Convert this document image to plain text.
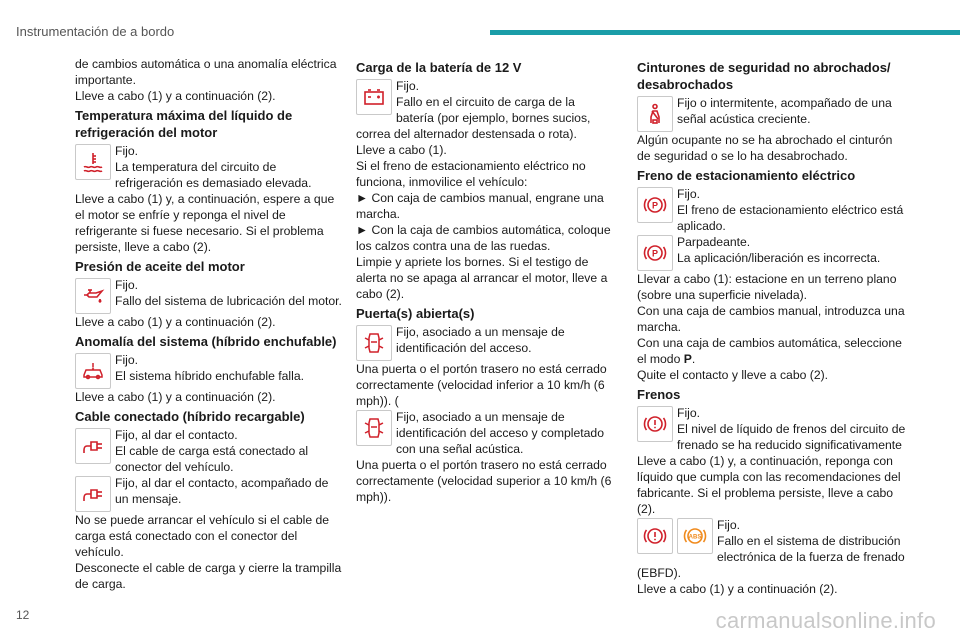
Instrumentación de a bordo

de cambios automática o una anomalía eléctrica importante.

Lleve a cabo (1) y a continuación (2).

Temperatura máxima del líquido de refrigeración del motor

Fijo.

La temperatura del circuito de refrigeración es demasiado elevada.

Lleve a cabo (1) y, a continuación, espere a que el motor se enfríe y reponga el nivel de refrigerante si fuese necesario. Si el problema persiste, lleve a cabo (2).

Presión de aceite del motor

Fijo.

Fallo del sistema de lubricación del motor.

Lleve a cabo (1) y a continuación (2).

Anomalía del sistema (híbrido enchufable)

Fijo.

El sistema híbrido enchufable falla.

Lleve a cabo (1) y a continuación (2).

Cable conectado (híbrido recargable)

Fijo, al dar el contacto.

El cable de carga está conectado al conector del vehículo.

Fijo, al dar el contacto, acompañado de un mensaje.

No se puede arrancar el vehículo si el cable de carga está conectado con el conector del vehículo.

Desconecte el cable de carga y cierre la trampilla de carga.

Carga de la batería de 12 V

Fijo.

Fallo en el circuito de carga de la batería (por ejemplo, bornes sucios, correa del alternador destensada o rota).

Lleve a cabo (1).

Si el freno de estacionamiento eléctrico no funciona, inmovilice el vehículo:

► Con caja de cambios manual, engrane una marcha.

► Con la caja de cambios automática, coloque los calzos contra una de las ruedas.

Limpie y apriete los bornes. Si el testigo de alerta no se apaga al arrancar el motor, lleve a cabo (2).

Puerta(s) abierta(s)

Fijo, asociado a un mensaje de identificación del acceso.

Una puerta o el portón trasero no está cerrado correctamente (velocidad inferior a 10 km/h (6 mph)). (

Fijo, asociado a un mensaje de identificación del acceso y completado con una señal acústica.

Una puerta o el portón trasero no está cerrado correctamente (velocidad superior a 10 km/h (6 mph)).

Cinturones de seguridad no abrochados/ desabrochados

Fijo o intermitente, acompañado de una señal acústica creciente.

Algún ocupante no se ha abrochado el cinturón de seguridad o se lo ha desabrochado.

Freno de estacionamiento eléctrico
P

Fijo.

El freno de estacionamiento eléctrico está aplicado.

P

Parpadeante.

La aplicación/liberación es incorrecta.

Llevar a cabo (1): estacione en un terreno plano (sobre una superficie nivelada).

Con una caja de cambios manual, introduzca una marcha.

Con una caja de cambios automática, seleccione el modo P.

Quite el contacto y lleve a cabo (2).

Frenos

Fijo.

El nivel de líquido de frenos del circuito de frenado se ha reducido significativamente

Lleve a cabo (1) y, a continuación, reponga con líquido que cumpla con las recomendaciones del fabricante. Si el problema persiste, lleve a cabo (2).

ABS

Fijo.

Fallo en el sistema de distribución electrónica de la fuerza de frenado (EBFD).

Lleve a cabo (1) y a continuación (2).

12	carmanualsonline.info
